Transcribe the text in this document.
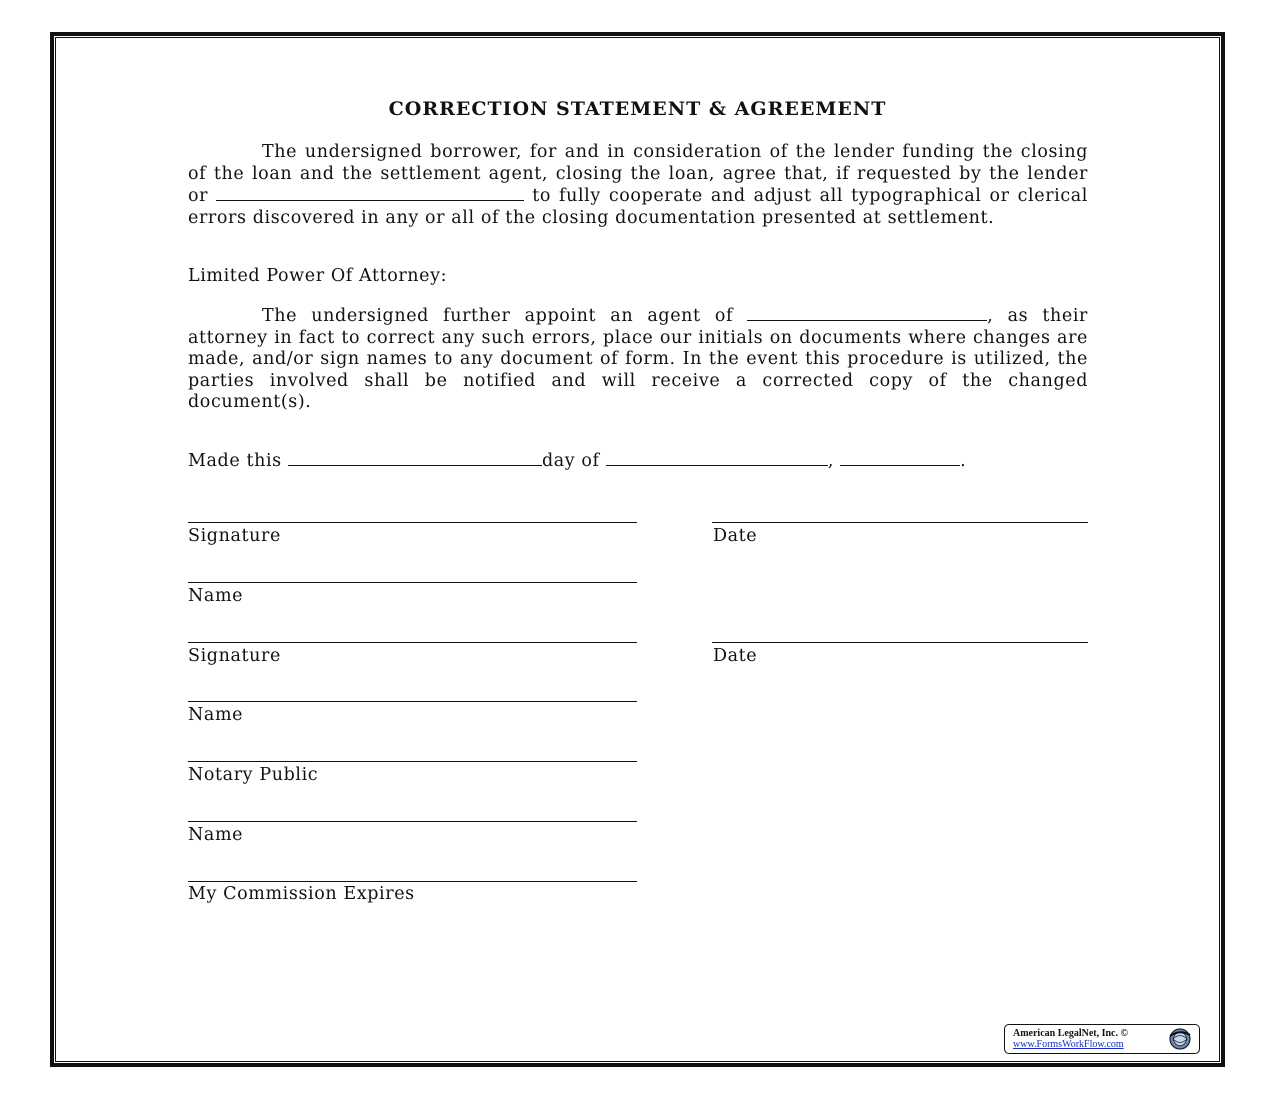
CORRECTION STATEMENT & AGREEMENT

The undersigned borrower, for and in consideration of the lender funding the closing of the loan and the settlement agent, closing the loan, agree that, if requested by the lender or	to fully cooperate and adjust all typographical or clerical errors discovered in any or all of the closing documentation presented at settlement.

Limited Power Of Attorney:

The undersigned further appoint an agent of	, as their attorney in fact to correct any such errors, place our initials on documents where changes are made, and/or sign names to any document of form. In the event this procedure is utilized, the parties involved shall be notified and will receive a corrected copy of the changed document(s).

Made this	day of	,	.

Signature	Date

Name

Signature	Date

Name

Notary Public

Name

My Commission Expires

American LegalNet, Inc. ©

www.FormsWorkFlow.com
